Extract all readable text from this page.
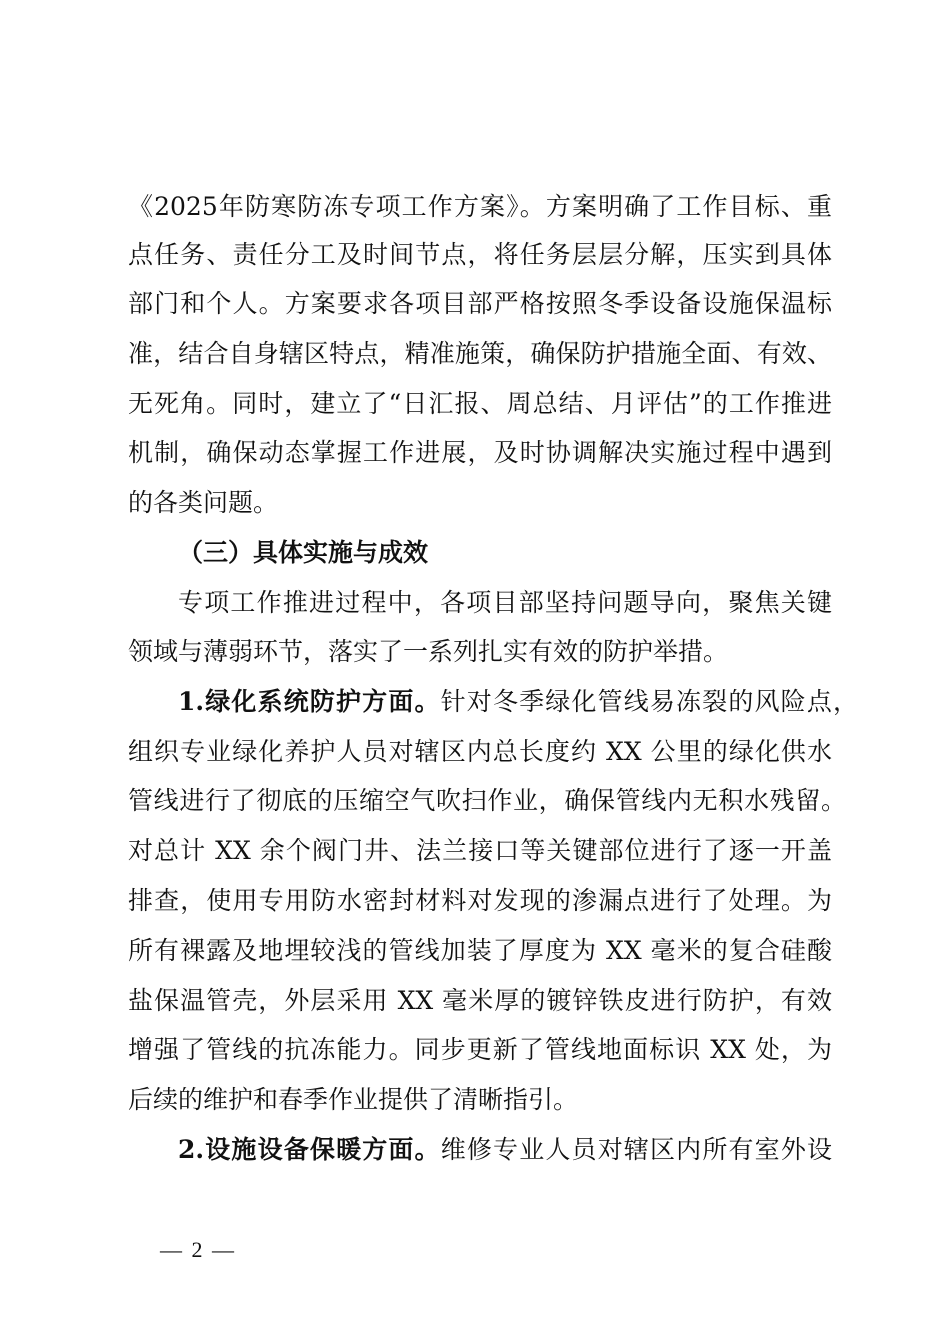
《2025年防寒防冻专项工作方案》。方案明确了工作目标、重
点任务、责任分工及时间节点，将任务层层分解，压实到具体
部门和个人。方案要求各项目部严格按照冬季设备设施保温标
准，结合自身辖区特点，精准施策，确保防护措施全面、有效、
无死角。同时，建立了“日汇报、周总结、月评估”的工作推进
机制，确保动态掌握工作进展，及时协调解决实施过程中遇到
的各类问题。
（三）具体实施与成效
专项工作推进过程中，各项目部坚持问题导向，聚焦关键
领域与薄弱环节，落实了一系列扎实有效的防护举措。
1.绿化系统防护方面。针对冬季绿化管线易冻裂的风险点，
组织专业绿化养护人员对辖区内总长度约 XX 公里的绿化供水
管线进行了彻底的压缩空气吹扫作业，确保管线内无积水残留。
对总计 XX 余个阀门井、法兰接口等关键部位进行了逐一开盖
排查，使用专用防水密封材料对发现的渗漏点进行了处理。为
所有裸露及地埋较浅的管线加装了厚度为 XX 毫米的复合硅酸
盐保温管壳，外层采用 XX 毫米厚的镀锌铁皮进行防护，有效
增强了管线的抗冻能力。同步更新了管线地面标识 XX 处，为
后续的维护和春季作业提供了清晰指引。
2.设施设备保暖方面。维修专业人员对辖区内所有室外设
— 2 —
